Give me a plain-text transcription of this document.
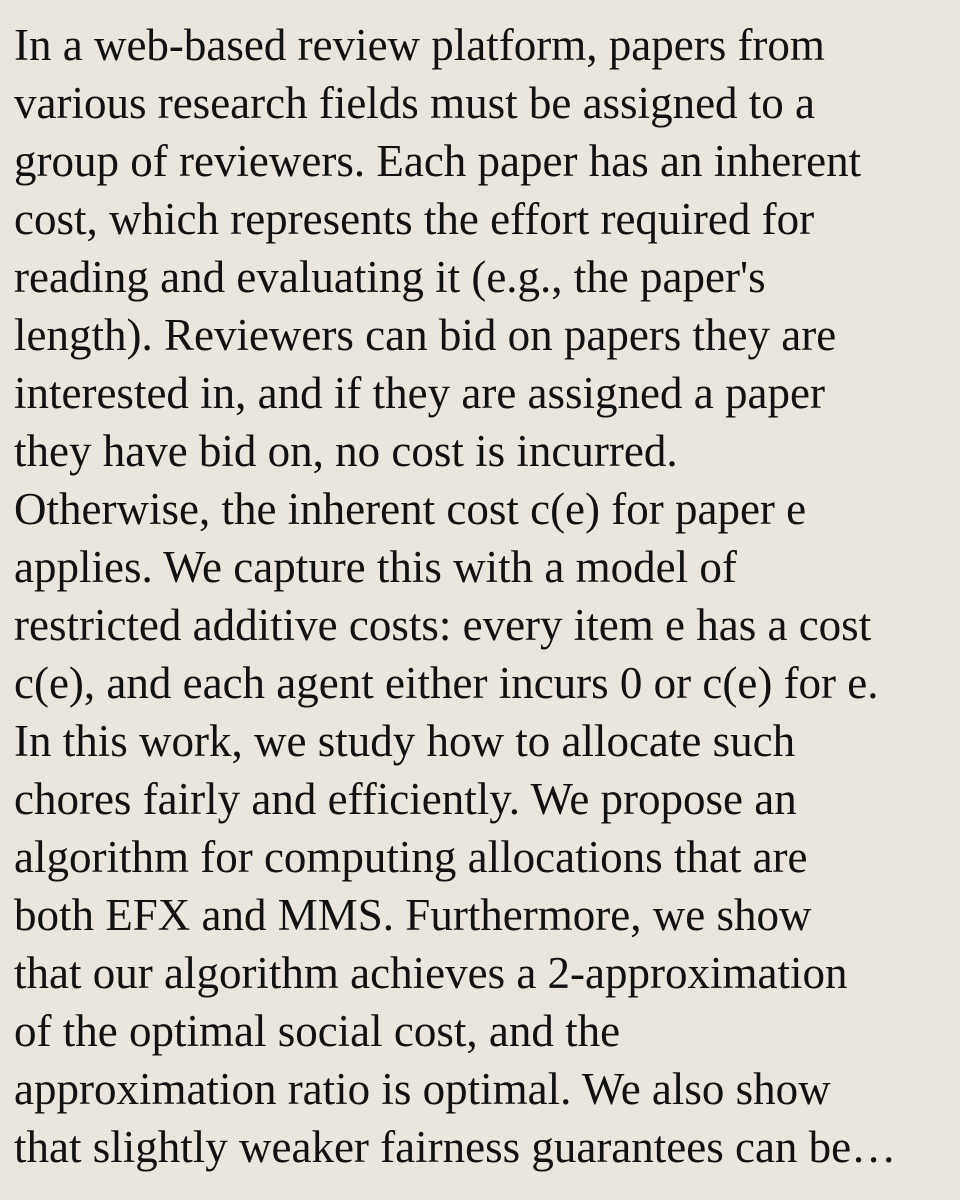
In a web-based review platform, papers from
various research fields must be assigned to a
group of reviewers. Each paper has an inherent
cost, which represents the effort required for
reading and evaluating it (e.g., the paper's
length). Reviewers can bid on papers they are
interested in, and if they are assigned a paper
they have bid on, no cost is incurred.
Otherwise, the inherent cost c(e) for paper e
applies. We capture this with a model of
restricted additive costs: every item e has a cost
c(e), and each agent either incurs 0 or c(e) for e.
In this work, we study how to allocate such
chores fairly and efficiently. We propose an
algorithm for computing allocations that are
both EFX and MMS. Furthermore, we show
that our algorithm achieves a 2-approximation
of the optimal social cost, and the
approximation ratio is optimal. We also show
that slightly weaker fairness guarantees can be…
